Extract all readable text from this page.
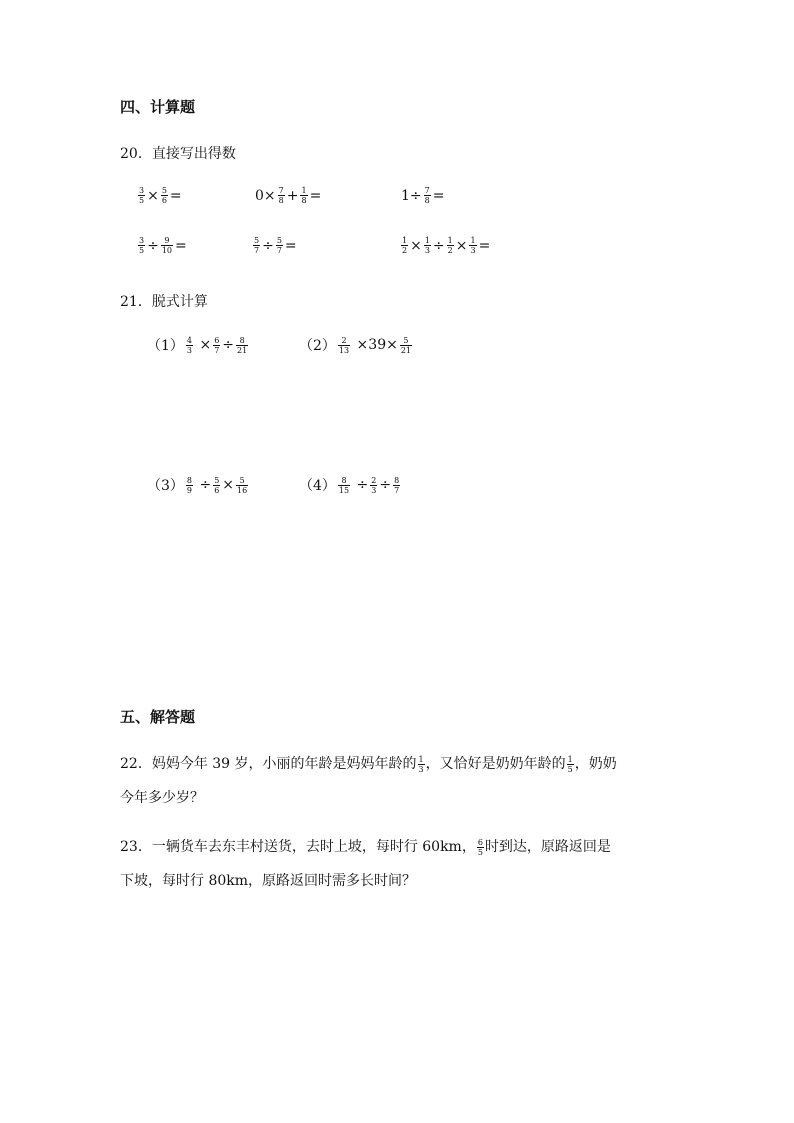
四、计算题
20．直接写出得数
$\frac{3}{5} \times \frac{5}{6}$ =	$0\times \frac{7}{8} + \frac{1}{8}$ =	$1\div \frac{7}{8}$ =
$\frac{3}{5} \div \frac{9}{10}$ =	$\frac{5}{7} \div \frac{5}{7}$ =	$\frac{1}{2} \times \frac{1}{3} \div \frac{1}{2} \times \frac{1}{3}$ =
21．脱式计算
$(1) \frac{4}{3} \times \frac{6}{7} \div \frac{8}{21}$	$(2) \frac{2}{13} \times 39\times \frac{5}{21}$
$(3) \frac{8}{9} \div \frac{5}{6} \times \frac{5}{16}$	$(4) \frac{8}{15} \div \frac{2}{3} \div \frac{8}{7}$
五、解答题
22．妈妈今年 39 岁，小丽的年龄是妈妈年龄的 $\frac{1}{3}$ ，又恰好是奶奶年龄的 $\frac{1}{5}$ ，奶奶
今年多少岁？
23．一辆货车去东丰村送货，去时上坡，每时行 60km， $\frac{6}{5}$ 时到达，原路返回是
下坡，每时行 80km，原路返回时需多长时间？
